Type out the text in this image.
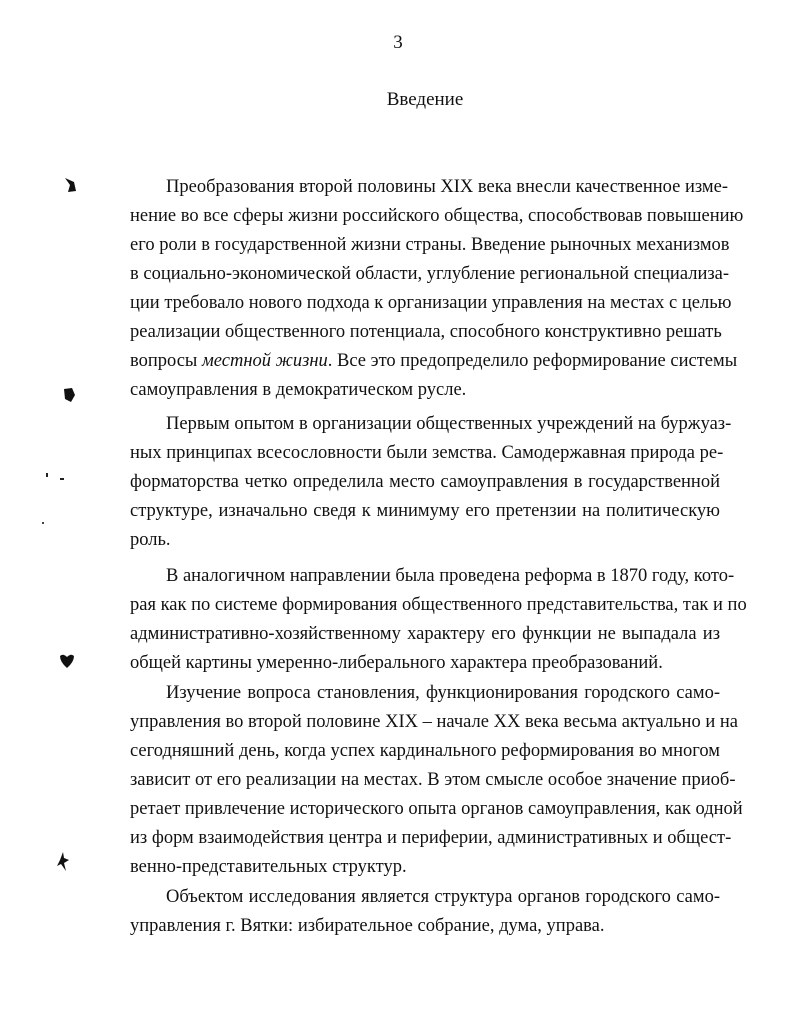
3
Введение
Преобразования второй половины XIX века внесли качественное изме-
нение во все сферы жизни российского общества, способствовав повышению
его роли в государственной жизни страны. Введение рыночных механизмов
в социально-экономической области, углубление региональной специализа-
ции требовало нового подхода к организации управления на местах с целью
реализации общественного потенциала, способного конструктивно решать
вопросы местной жизни. Все это предопределило реформирование системы
самоуправления в демократическом русле.
Первым опытом в организации общественных учреждений на буржуаз-
ных принципах всесословности были земства. Самодержавная природа ре-
форматорства четко определила место самоуправления в государственной
структуре, изначально сведя к минимуму его претензии на политическую
роль.
В аналогичном направлении была проведена реформа в 1870 году, кото-
рая как по системе формирования общественного представительства, так и по
административно-хозяйственному характеру его функции не выпадала из
общей картины умеренно-либерального характера преобразований.
Изучение вопроса становления, функционирования городского само-
управления во второй половине XIX – начале XX века весьма актуально и на
сегодняшний день, когда успех кардинального реформирования во многом
зависит от его реализации на местах. В этом смысле особое значение приоб-
ретает привлечение исторического опыта органов самоуправления, как одной
из форм взаимодействия центра и периферии, административных и общест-
венно-представительных структур.
Объектом исследования является структура органов городского само-
управления г. Вятки: избирательное собрание, дума, управа.
